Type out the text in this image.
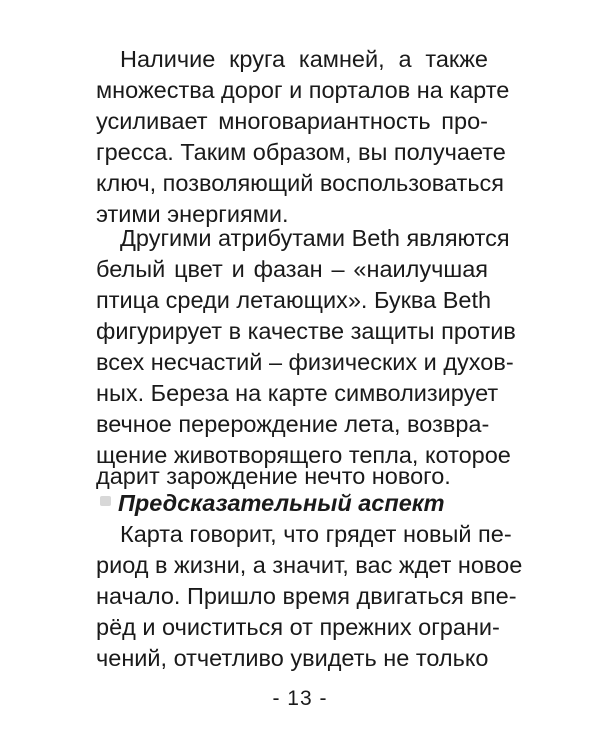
Наличие круга камней, а также
множества дорог и порталов на карте
усиливает многовариантность про-
гресса. Таким образом, вы получаете
ключ, позволяющий воспользоваться
этими энергиями.
Другими атрибутами Beth являются
белый цвет и фазан – «наилучшая
птица среди летающих». Буква Beth
фигурирует в качестве защиты против
всех несчастий – физических и духов-
ных. Береза на карте символизирует
вечное перерождение лета, возвра-
щение животворящего тепла, которое
дарит зарождение нечто нового.
Предсказательный аспект
Карта говорит, что грядет новый пе-
риод в жизни, а значит, вас ждет новое
начало. Пришло время двигаться впе-
рёд и очиститься от прежних ограни-
чений, отчетливо увидеть не только
- 13 -
